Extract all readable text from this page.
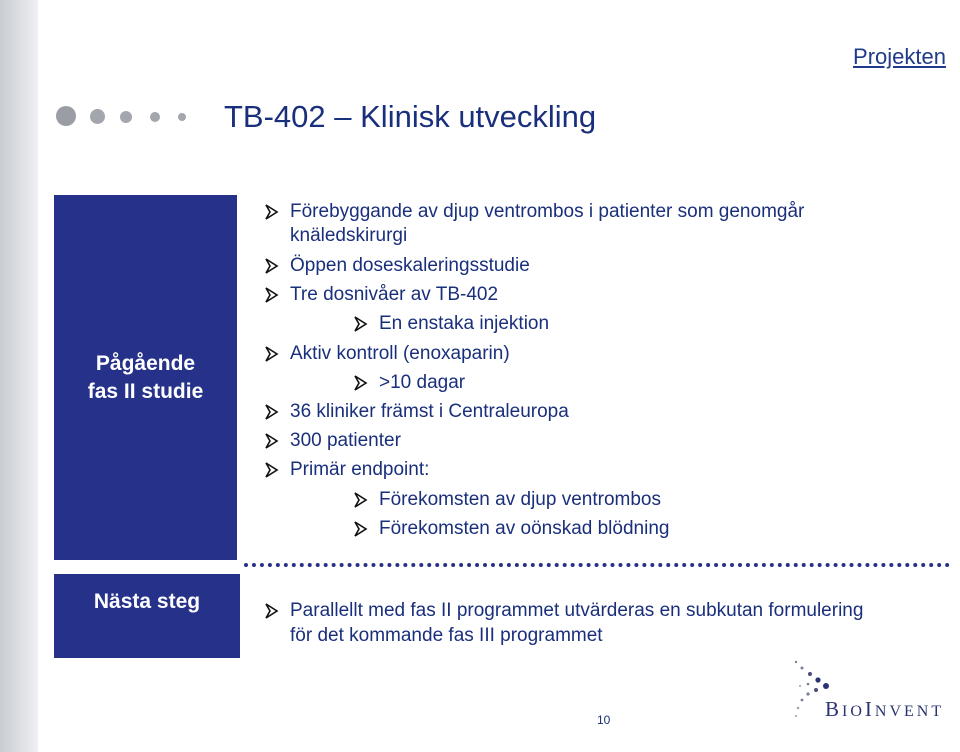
Projekten
TB-402 – Klinisk utveckling
Pågående
fas II studie
Förebyggande av djup ventrombos i patienter som genomgår
knäledskirurgi
Öppen doseskaleringsstudie
Tre dosnivåer av TB-402
En enstaka injektion
Aktiv kontroll (enoxaparin)
>10 dagar
36 kliniker främst i Centraleuropa
300 patienter
Primär endpoint:
Förekomsten av djup ventrombos
Förekomsten av oönskad blödning
Nästa steg	Parallellt med fas II programmet utvärderas en subkutan formulering
för det kommande fas III programmet
10	BIOINVENT
